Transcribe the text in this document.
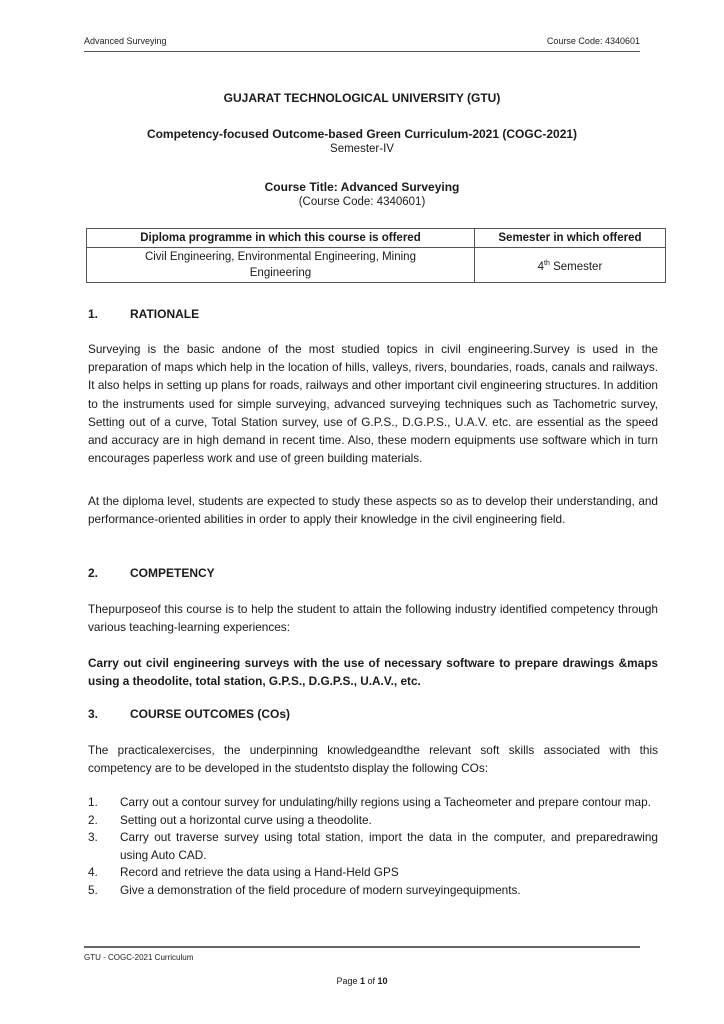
Advanced Surveying	Course Code: 4340601
GUJARAT TECHNOLOGICAL UNIVERSITY (GTU)
Competency-focused Outcome-based Green Curriculum-2021 (COGC-2021)
Semester-IV
Course Title: Advanced Surveying
(Course Code: 4340601)
Diploma programme in which this course is offered	Semester in which offered
Civil Engineering, Environmental Engineering, Mining Engineering	4th Semester
1.	RATIONALE
Surveying is the basic andone of the most studied topics in civil engineering.Survey is used in the preparation of maps which help in the location of hills, valleys, rivers, boundaries, roads, canals and railways. It also helps in setting up plans for roads, railways and other important civil engineering structures. In addition to the instruments used for simple surveying, advanced surveying techniques such as Tachometric survey, Setting out of a curve, Total Station survey, use of G.P.S., D.G.P.S., U.A.V. etc. are essential as the speed and accuracy are in high demand in recent time. Also, these modern equipments use software which in turn encourages paperless work and use of green building materials.
At the diploma level, students are expected to study these aspects so as to develop their understanding, and performance-oriented abilities in order to apply their knowledge in the civil engineering field.
2.	COMPETENCY
Thepurposeof this course is to help the student to attain the following industry identified competency through various teaching-learning experiences:
Carry out civil engineering surveys with the use of necessary software to prepare drawings &maps using a theodolite, total station, G.P.S., D.G.P.S., U.A.V., etc.
3.	COURSE OUTCOMES (COs)
The practicalexercises, the underpinning knowledgeandthe relevant soft skills associated with this competency are to be developed in the studentsto display the following COs:
1.	Carry out a contour survey for undulating/hilly regions using a Tacheometer and prepare contour map.
2.	Setting out a horizontal curve using a theodolite.
3.	Carry out traverse survey using total station, import the data in the computer, and preparedrawing using Auto CAD.
4.	Record and retrieve the data using a Hand-Held GPS
5.	Give a demonstration of the field procedure of modern surveyingequipments.
GTU - COGC-2021 Curriculum
Page 1 of 10
